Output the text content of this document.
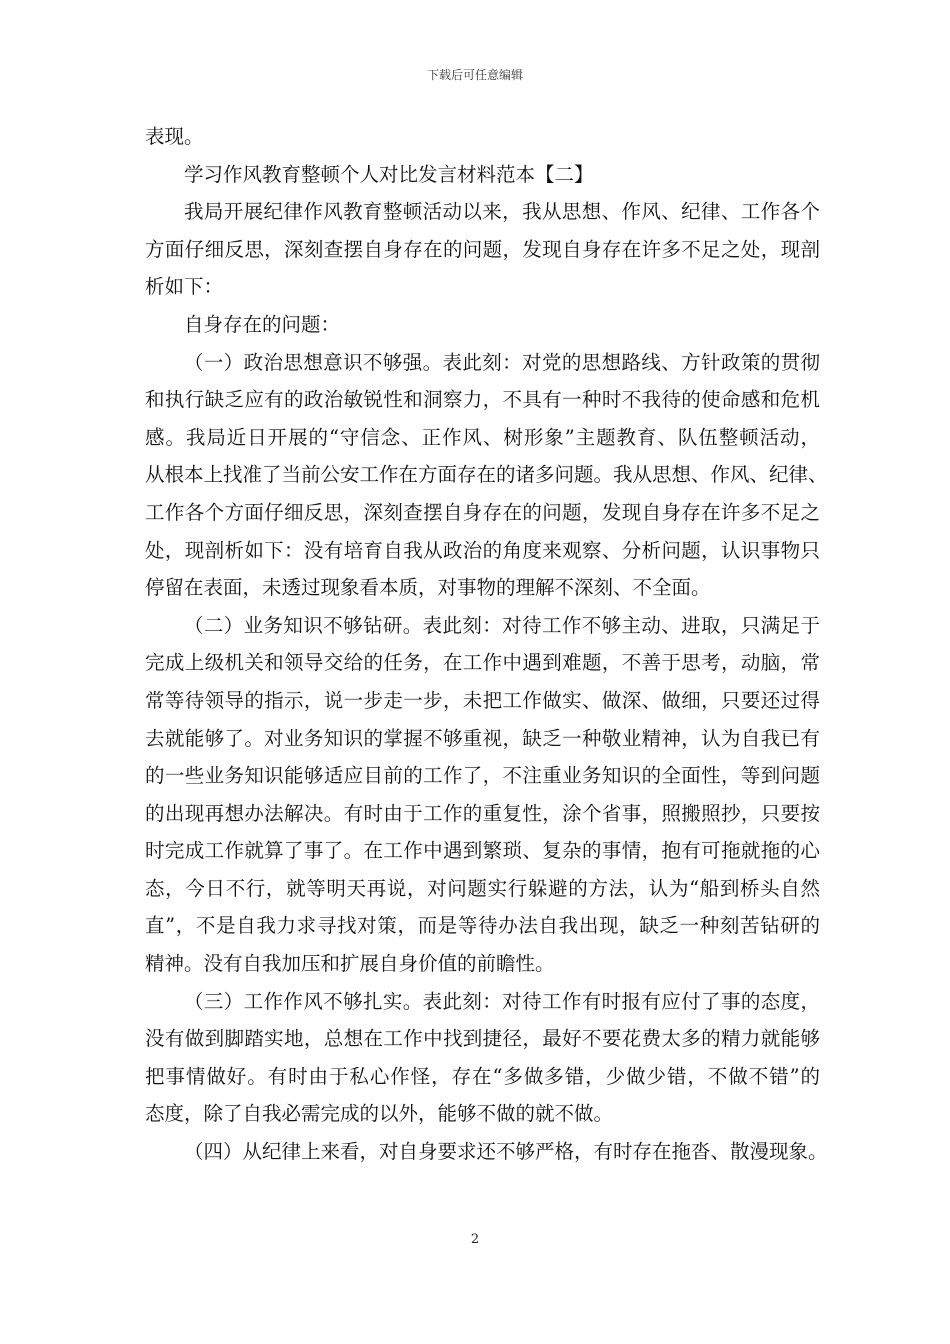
下载后可任意编辑
表现。
学习作风教育整顿个人对比发言材料范本【二】
我局开展纪律作风教育整顿活动以来，我从思想、作风、纪律、工作各个
方面仔细反思，深刻查摆自身存在的问题，发现自身存在许多不足之处，现剖
析如下：
自身存在的问题：
（一）政治思想意识不够强。表此刻：对党的思想路线、方针政策的贯彻
和执行缺乏应有的政治敏锐性和洞察力，不具有一种时不我待的使命感和危机
感。我局近日开展的“守信念、正作风、树形象”主题教育、队伍整顿活动，
从根本上找准了当前公安工作在方面存在的诸多问题。我从思想、作风、纪律、
工作各个方面仔细反思，深刻查摆自身存在的问题，发现自身存在许多不足之
处，现剖析如下：没有培育自我从政治的角度来观察、分析问题，认识事物只
停留在表面，未透过现象看本质，对事物的理解不深刻、不全面。
（二）业务知识不够钻研。表此刻：对待工作不够主动、进取，只满足于
完成上级机关和领导交给的任务，在工作中遇到难题，不善于思考，动脑，常
常等待领导的指示，说一步走一步，未把工作做实、做深、做细，只要还过得
去就能够了。对业务知识的掌握不够重视，缺乏一种敬业精神，认为自我已有
的一些业务知识能够适应目前的工作了，不注重业务知识的全面性，等到问题
的出现再想办法解决。有时由于工作的重复性，涂个省事，照搬照抄，只要按
时完成工作就算了事了。在工作中遇到繁琐、复杂的事情，抱有可拖就拖的心
态，今日不行，就等明天再说，对问题实行躲避的方法，认为“船到桥头自然
直”，不是自我力求寻找对策，而是等待办法自我出现，缺乏一种刻苦钻研的
精神。没有自我加压和扩展自身价值的前瞻性。
（三）工作作风不够扎实。表此刻：对待工作有时报有应付了事的态度，
没有做到脚踏实地，总想在工作中找到捷径，最好不要花费太多的精力就能够
把事情做好。有时由于私心作怪，存在“多做多错，少做少错，不做不错”的
态度，除了自我必需完成的以外，能够不做的就不做。
（四）从纪律上来看，对自身要求还不够严格，有时存在拖沓、散漫现象。
2
